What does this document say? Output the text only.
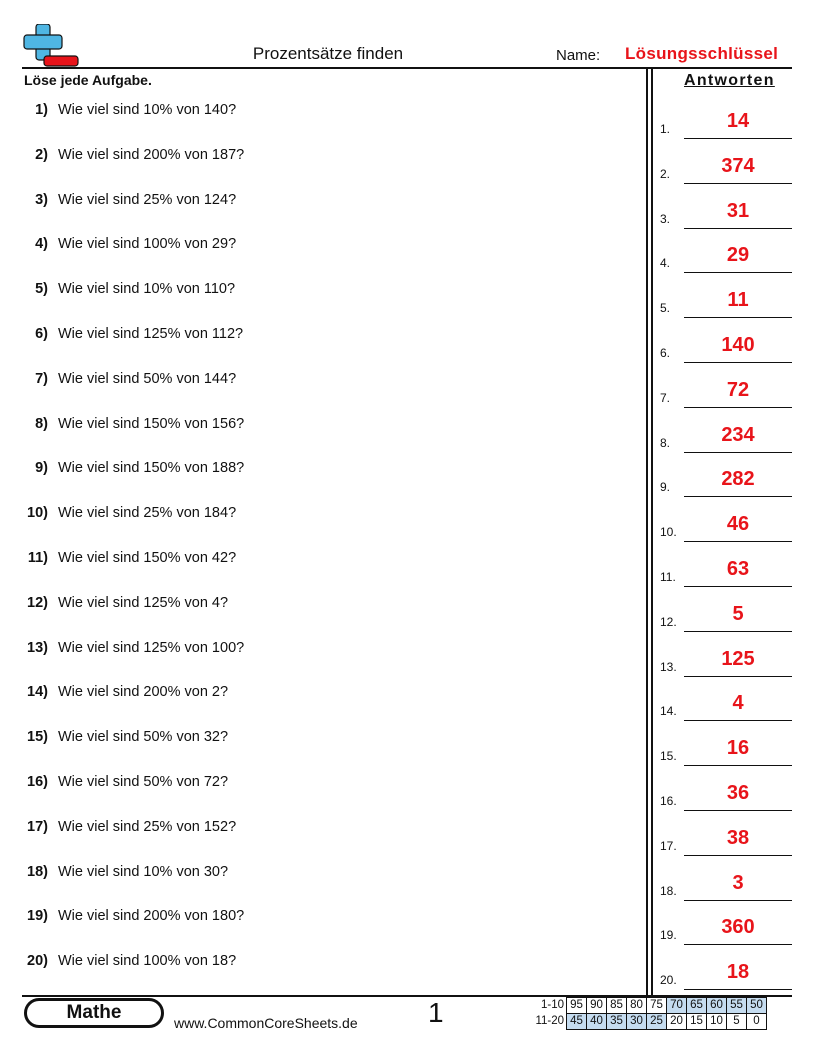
Prozentsätze finden	Name: Lösungsschlüssel
Löse jede Aufgabe.	Antworten
1) Wie viel sind 10% von 140?
2) Wie viel sind 200% von 187?
3) Wie viel sind 25% von 124?
4) Wie viel sind 100% von 29?
5) Wie viel sind 10% von 110?
6) Wie viel sind 125% von 112?
7) Wie viel sind 50% von 144?
8) Wie viel sind 150% von 156?
9) Wie viel sind 150% von 188?
10) Wie viel sind 25% von 184?
11) Wie viel sind 150% von 42?
12) Wie viel sind 125% von 4?
13) Wie viel sind 125% von 100?
14) Wie viel sind 200% von 2?
15) Wie viel sind 50% von 32?
16) Wie viel sind 50% von 72?
17) Wie viel sind 25% von 152?
18) Wie viel sind 10% von 30?
19) Wie viel sind 200% von 180?
20) Wie viel sind 100% von 18?
1.	14
2.	374
3.	31
4.	29
5.	11
6.	140
7.	72
8.	234
9.	282
10.	46
11.	63
12.	5
13.	125
14.	4
15.	16
16.	36
17.	38
18.	3
19.	360
20.	18
Mathe	www.CommonCoreSheets.de	1	1-10	95	90	85	80	75	70	65	60	55	50
11-20	45	40	35	30	25	20	15	10	5	0
